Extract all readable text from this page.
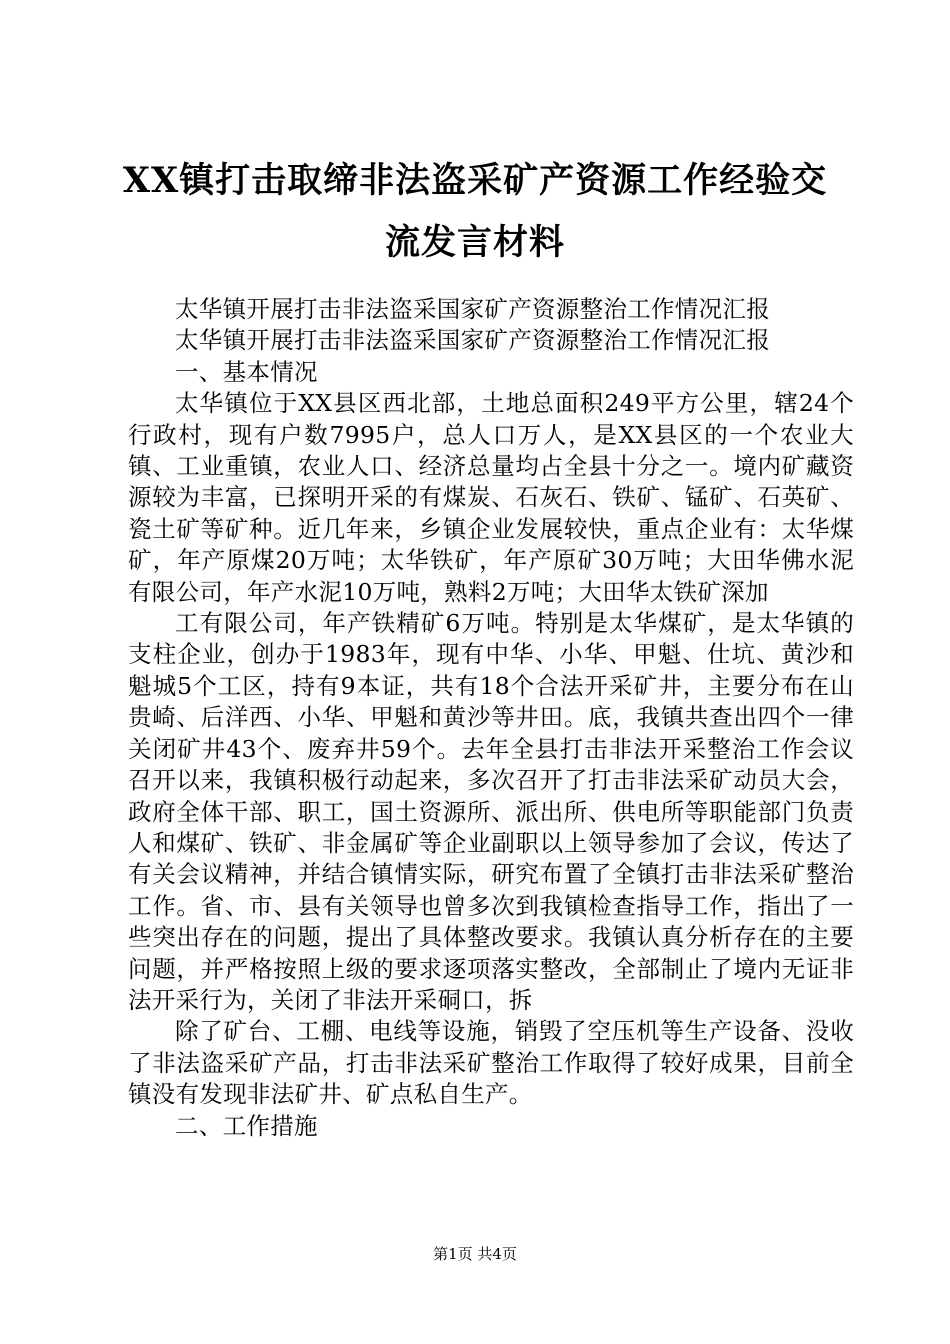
XX镇打击取缔非法盗采矿产资源工作经验交
流发言材料

太华镇开展打击非法盗采国家矿产资源整治工作情况汇报

太华镇开展打击非法盗采国家矿产资源整治工作情况汇报

一、基本情况

太华镇位于XX县区西北部，土地总面积249平方公里，辖24个行政村，现有户数7995户，总人口万人，是XX县区的一个农业大镇、工业重镇，农业人口、经济总量均占全县十分之一。境内矿藏资源较为丰富，已探明开采的有煤炭、石灰石、铁矿、锰矿、石英矿、瓷土矿等矿种。近几年来，乡镇企业发展较快，重点企业有：太华煤矿，年产原煤20万吨；太华铁矿，年产原矿30万吨；大田华佛水泥有限公司，年产水泥10万吨，熟料2万吨；大田华太铁矿深加

工有限公司，年产铁精矿6万吨。特别是太华煤矿，是太华镇的支柱企业，创办于1983年，现有中华、小华、甲魁、仕坑、黄沙和魁城5个工区，持有9本证，共有18个合法开采矿井，主要分布在山贵崎、后洋西、小华、甲魁和黄沙等井田。底，我镇共查出四个一律关闭矿井43个、废弃井59个。去年全县打击非法开采整治工作会议召开以来，我镇积极行动起来，多次召开了打击非法采矿动员大会，政府全体干部、职工，国土资源所、派出所、供电所等职能部门负责人和煤矿、铁矿、非金属矿等企业副职以上领导参加了会议，传达了有关会议精神，并结合镇情实际，研究布置了全镇打击非法采矿整治工作。省、市、县有关领导也曾多次到我镇检查指导工作，指出了一些突出存在的问题，提出了具体整改要求。我镇认真分析存在的主要问题，并严格按照上级的要求逐项落实整改，全部制止了境内无证非法开采行为，关闭了非法开采硐口，拆

除了矿台、工棚、电线等设施，销毁了空压机等生产设备、没收了非法盗采矿产品，打击非法采矿整治工作取得了较好成果，目前全镇没有发现非法矿井、矿点私自生产。

二、工作措施

第1页 共4页
